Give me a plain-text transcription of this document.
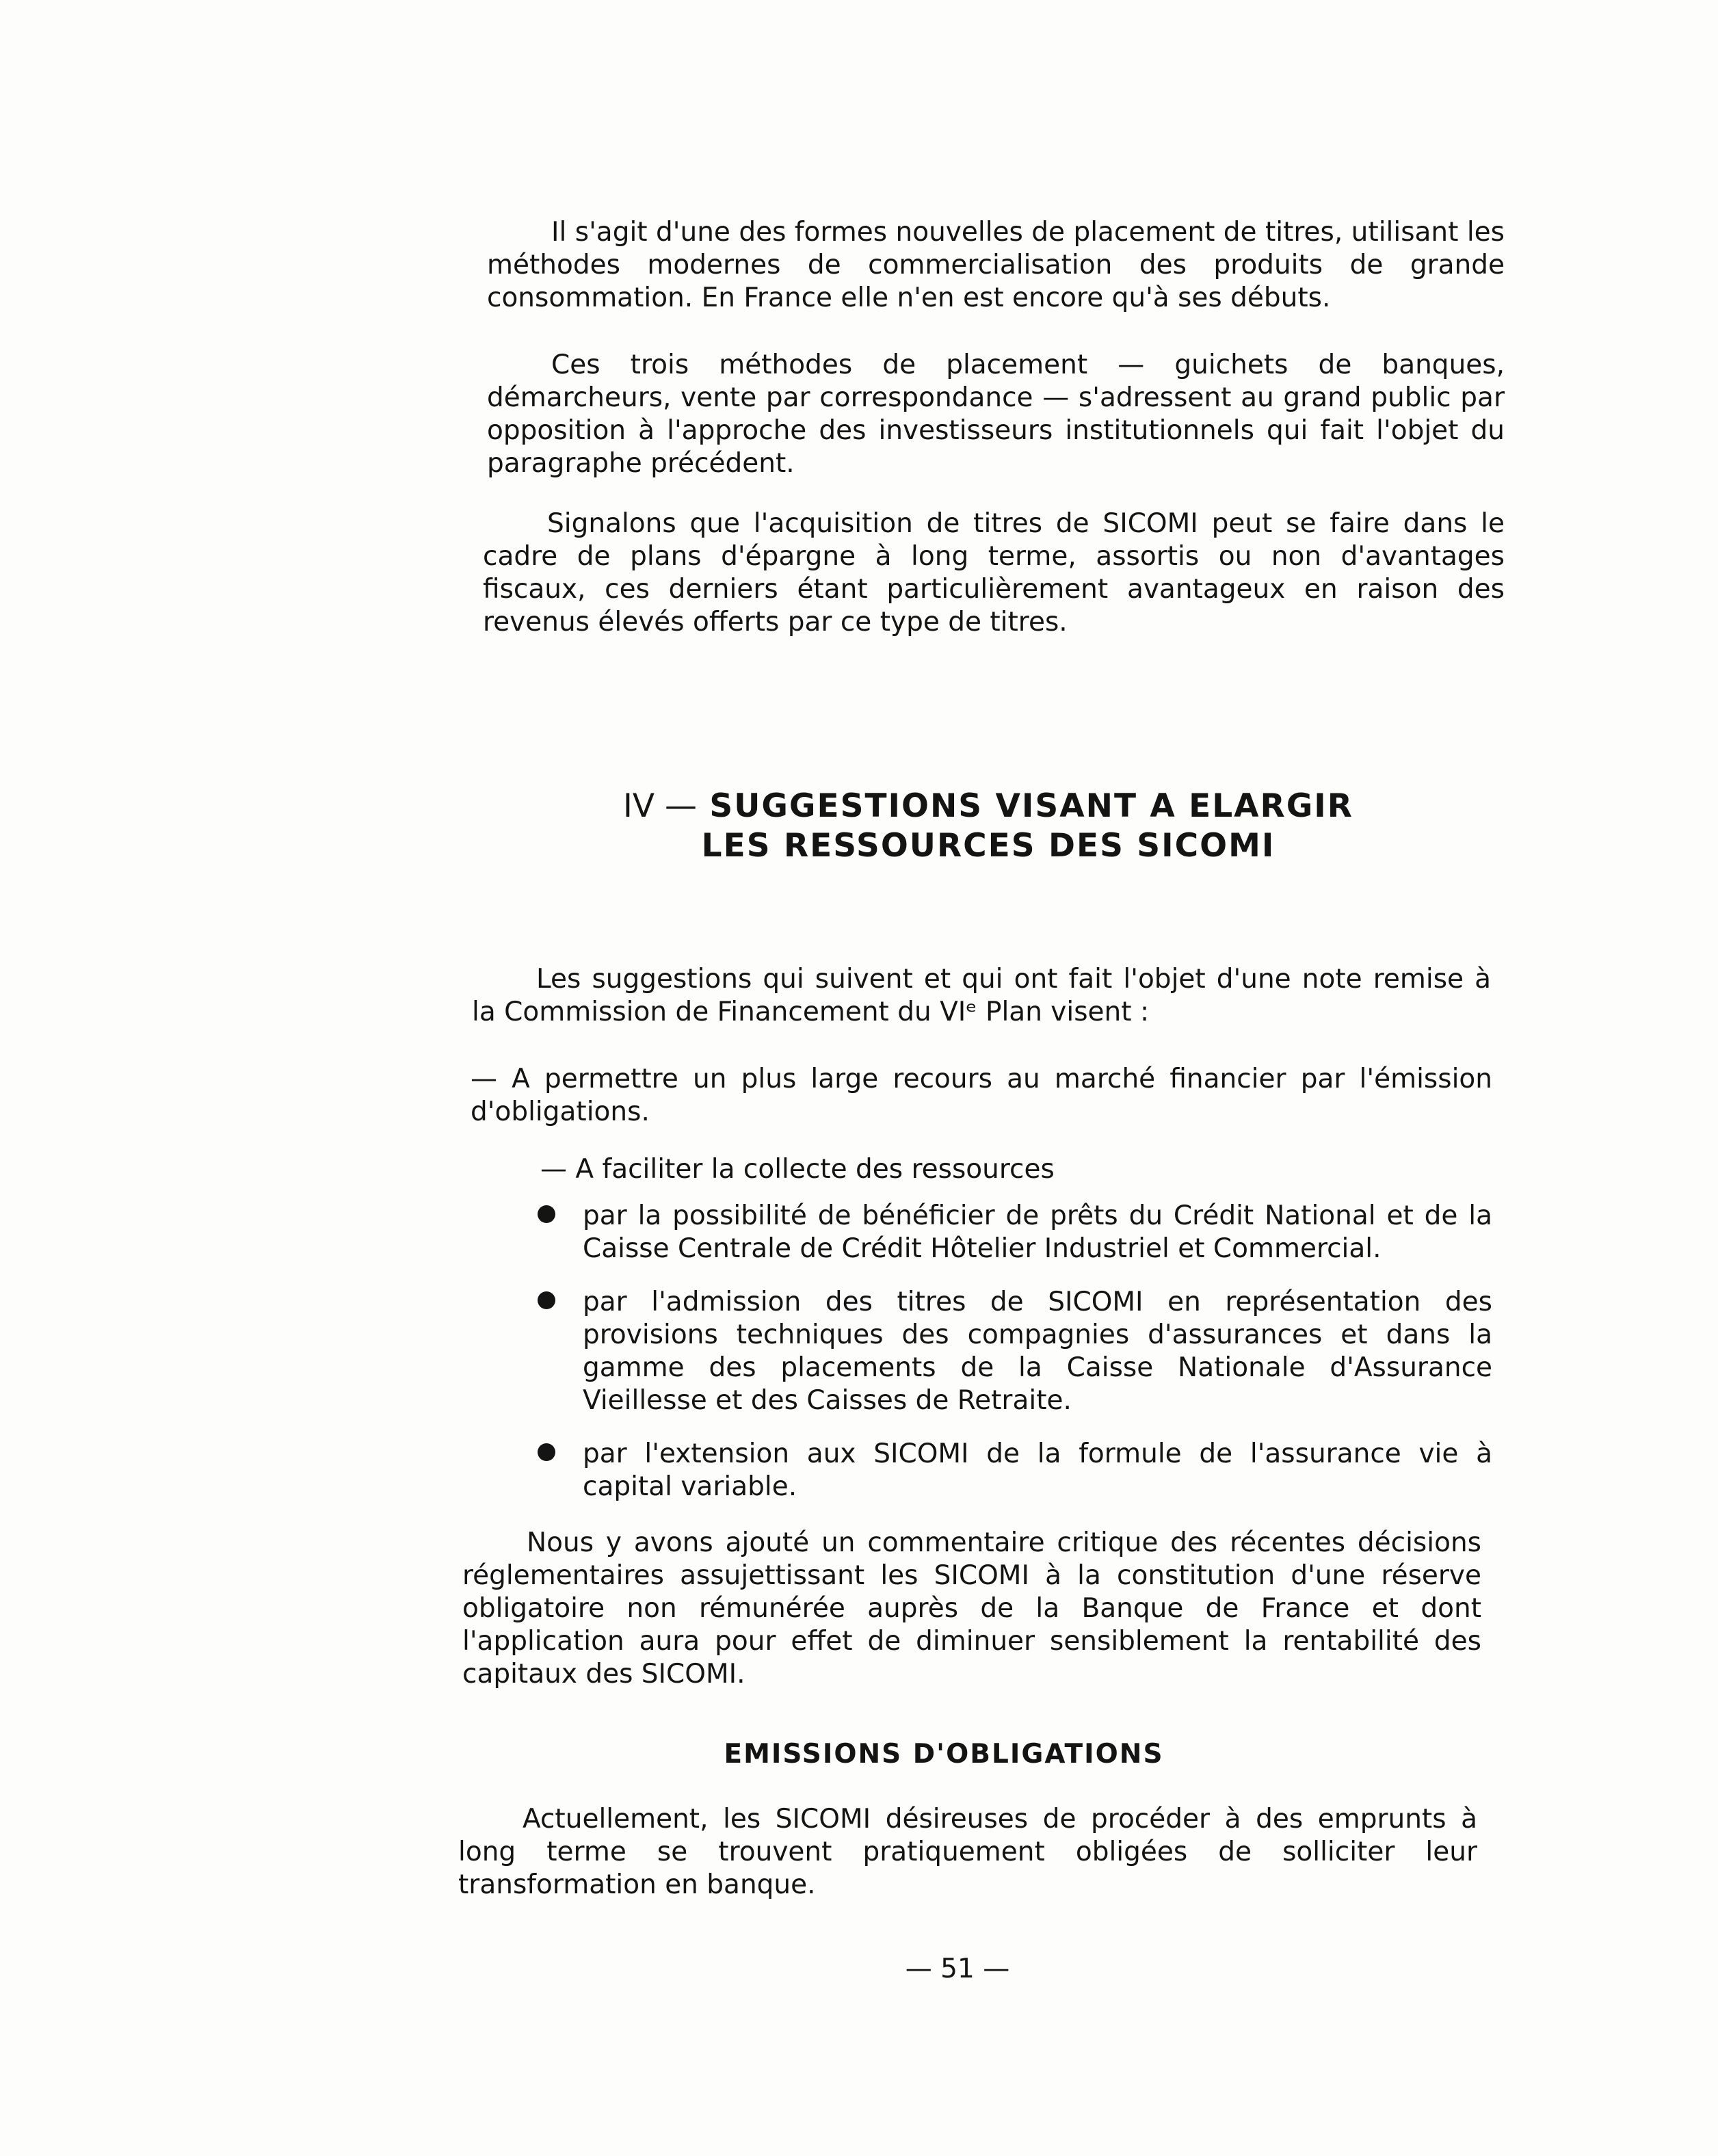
Il s'agit d'une des formes nouvelles de placement de titres, utilisant les méthodes modernes de commercialisation des produits de grande consommation. En France elle n'en est encore qu'à ses débuts.

Ces trois méthodes de placement — guichets de banques, démarcheurs, vente par correspondance — s'adressent au grand public par opposition à l'approche des investisseurs institutionnels qui fait l'objet du paragraphe précédent.

Signalons que l'acquisition de titres de SICOMI peut se faire dans le cadre de plans d'épargne à long terme, assortis ou non d'avantages fiscaux, ces derniers étant particulièrement avantageux en raison des revenus élevés offerts par ce type de titres.

IV — SUGGESTIONS VISANT A ELARGIR
LES RESSOURCES DES SICOMI

Les suggestions qui suivent et qui ont fait l'objet d'une note remise à la Commission de Financement du VIᵉ Plan visent :

— A permettre un plus large recours au marché financier par l'émission d'obligations.

— A faciliter la collecte des ressources

par la possibilité de bénéficier de prêts du Crédit National et de la Caisse Centrale de Crédit Hôtelier Industriel et Commercial.
par l'admission des titres de SICOMI en représentation des provisions techniques des compagnies d'assurances et dans la gamme des placements de la Caisse Nationale d'Assurance Vieillesse et des Caisses de Retraite.
par l'extension aux SICOMI de la formule de l'assurance vie à capital variable.

Nous y avons ajouté un commentaire critique des récentes décisions réglementaires assujettissant les SICOMI à la constitution d'une réserve obligatoire non rémunérée auprès de la Banque de France et dont l'application aura pour effet de diminuer sensiblement la rentabilité des capitaux des SICOMI.

EMISSIONS D'OBLIGATIONS

Actuellement, les SICOMI désireuses de procéder à des emprunts à long terme se trouvent pratiquement obligées de solliciter leur transformation en banque.

— 51 —
